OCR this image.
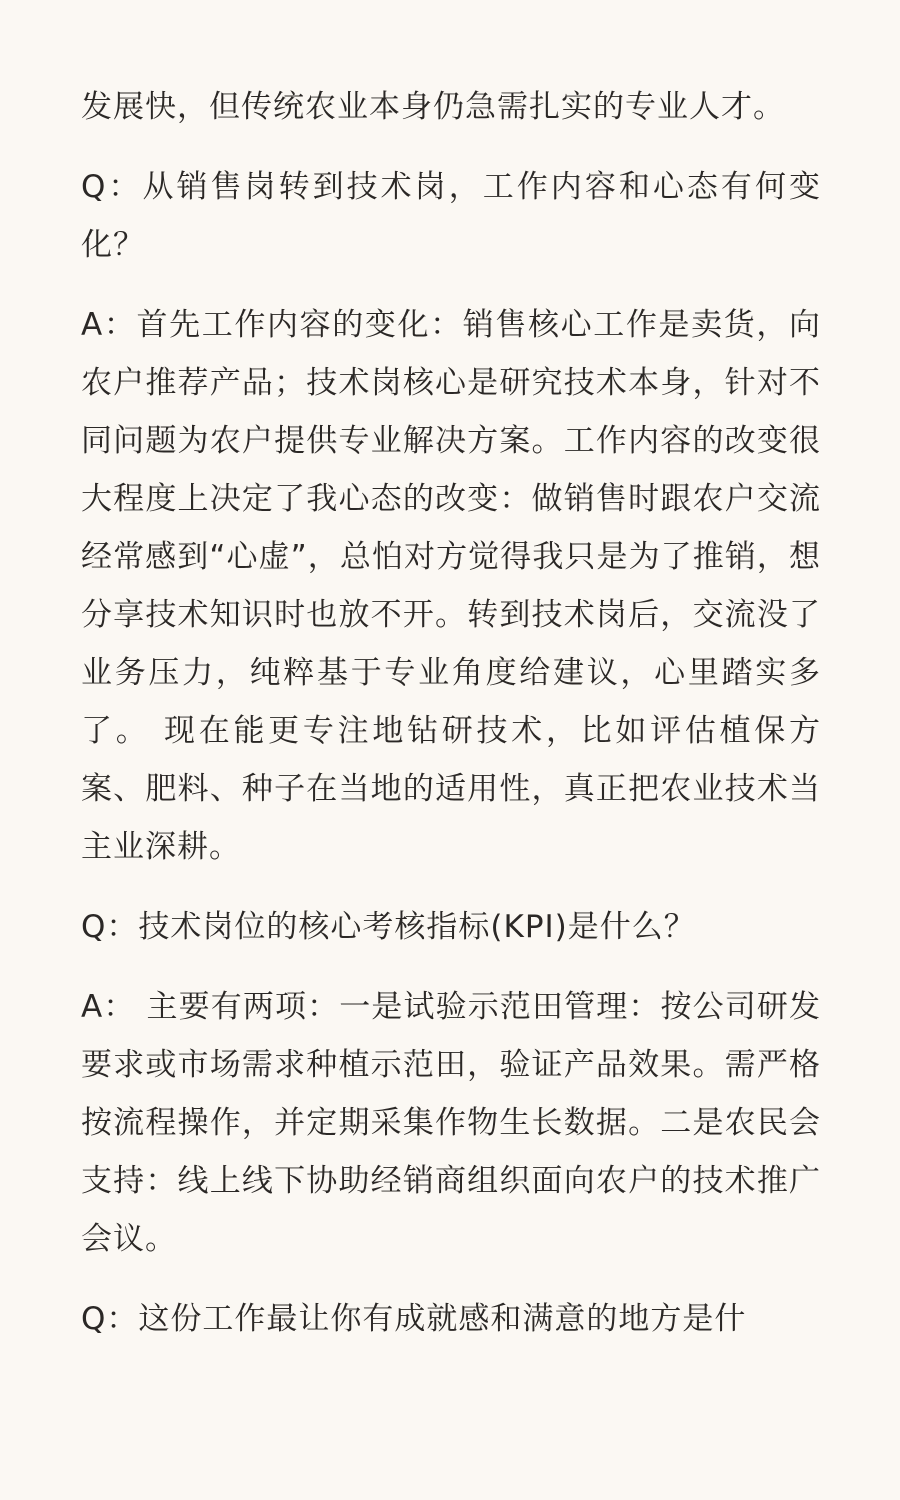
发展快，但传统农业本身仍急需扎实的专业人才。

Q：从销售岗转到技术岗，工作内容和心态有何变化？

A：首先工作内容的变化：销售核心工作是卖货，向农户推荐产品；技术岗核心是研究技术本身，针对不同问题为农户提供专业解决方案。工作内容的改变很大程度上决定了我心态的改变：做销售时跟农户交流经常感到“心虚”，总怕对方觉得我只是为了推销，想分享技术知识时也放不开。转到技术岗后，交流没了业务压力，纯粹基于专业角度给建议，心里踏实多了。 现在能更专注地钻研技术，比如评估植保方案、肥料、种子在当地的适用性，真正把农业技术当主业深耕。

Q：技术岗位的核心考核指标(KPI)是什么？

A： 主要有两项：一是试验示范田管理：按公司研发要求或市场需求种植示范田，验证产品效果。需严格按流程操作，并定期采集作物生长数据。二是农民会支持：线上线下协助经销商组织面向农户的技术推广会议。

Q：这份工作最让你有成就感和满意的地方是什
